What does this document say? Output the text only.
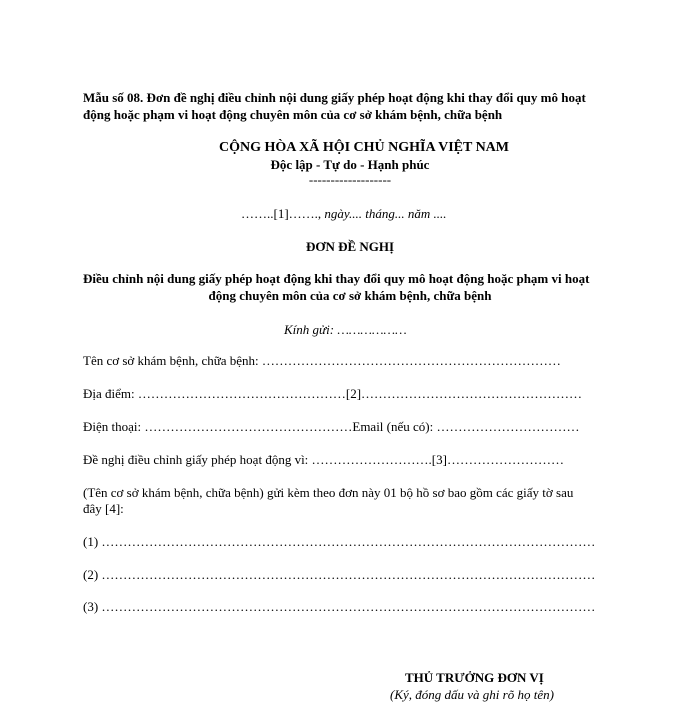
Mẫu số 08. Đơn đề nghị điều chỉnh nội dung giấy phép hoạt động khi thay đổi quy mô hoạt
động hoặc phạm vi hoạt động chuyên môn của cơ sở khám bệnh, chữa bệnh
CỘNG HÒA XÃ HỘI CHỦ NGHĨA VIỆT NAM
Độc lập - Tự do - Hạnh phúc
-------------------
……..[1]……., ngày.... tháng... năm ....
ĐƠN ĐỀ NGHỊ
Điều chỉnh nội dung giấy phép hoạt động khi thay đổi quy mô hoạt động hoặc phạm vi hoạt
động chuyên môn của cơ sở khám bệnh, chữa bệnh
Kính gửi: ………………
Tên cơ sở khám bệnh, chữa bệnh: ……………………………………………………………
Địa điểm: …………………………………………[2]……………………………………………
Điện thoại: …………………………………………Email (nếu có): ……………………………
Đề nghị điều chỉnh giấy phép hoạt động vì: ……………………….[3]………………………
(Tên cơ sở khám bệnh, chữa bệnh) gửi kèm theo đơn này 01 bộ hồ sơ bao gồm các giấy tờ sau
đây [4]:
(1) ……………………………………………………………………………………………………
(2) ……………………………………………………………………………………………………
(3) ……………………………………………………………………………………………………
THỦ TRƯỞNG ĐƠN VỊ
(Ký, đóng dấu và ghi rõ họ tên)
